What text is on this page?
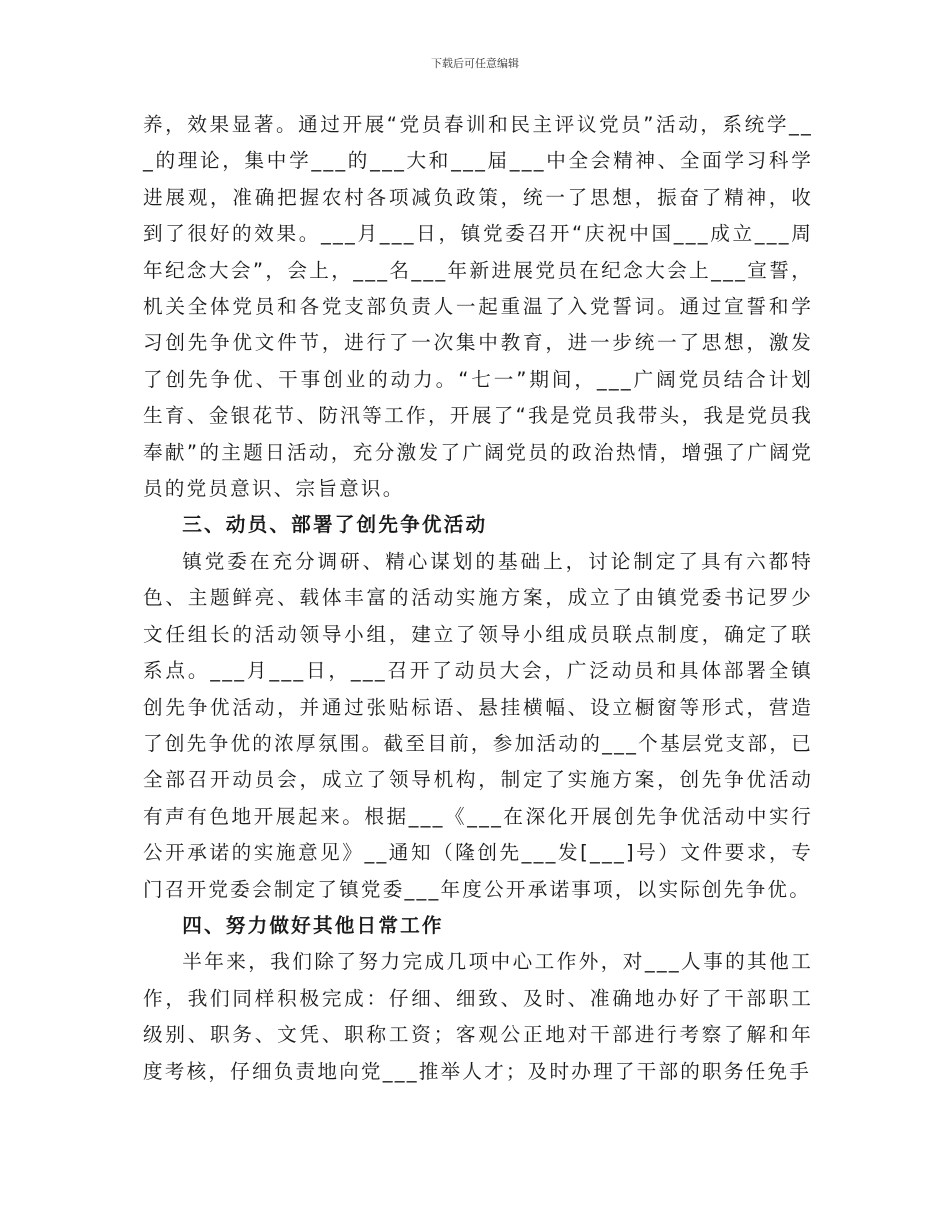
下载后可任意编辑

养，效果显著。通过开展“党员春训和民主评议党员”活动，系统学___的理论，集中学___的___大和___届___中全会精神、全面学习科学进展观，准确把握农村各项减负政策，统一了思想，振奋了精神，收到了很好的效果。___月___日，镇党委召开“庆祝中国___成立___周年纪念大会”，会上，___名___年新进展党员在纪念大会上___宣誓，机关全体党员和各党支部负责人一起重温了入党誓词。通过宣誓和学习创先争优文件节，进行了一次集中教育，进一步统一了思想，激发了创先争优、干事创业的动力。“七一”期间，___广阔党员结合计划生育、金银花节、防汛等工作，开展了“我是党员我带头，我是党员我奉献”的主题日活动，充分激发了广阔党员的政治热情，增强了广阔党员的党员意识、宗旨意识。

三、动员、部署了创先争优活动

镇党委在充分调研、精心谋划的基础上，讨论制定了具有六都特色、主题鲜亮、载体丰富的活动实施方案，成立了由镇党委书记罗少文任组长的活动领导小组，建立了领导小组成员联点制度，确定了联系点。___月___日，___召开了动员大会，广泛动员和具体部署全镇创先争优活动，并通过张贴标语、悬挂横幅、设立橱窗等形式，营造了创先争优的浓厚氛围。截至目前，参加活动的___个基层党支部，已全部召开动员会，成立了领导机构，制定了实施方案，创先争优活动有声有色地开展起来。根据___《___在深化开展创先争优活动中实行公开承诺的实施意见》__通知（隆创先___发[___]号）文件要求，专门召开党委会制定了镇党委___年度公开承诺事项，以实际创先争优。

四、努力做好其他日常工作

半年来，我们除了努力完成几项中心工作外，对___人事的其他工作，我们同样积极完成：仔细、细致、及时、准确地办好了干部职工级别、职务、文凭、职称工资；客观公正地对干部进行考察了解和年度考核，仔细负责地向党___推举人才；及时办理了干部的职务任免手
